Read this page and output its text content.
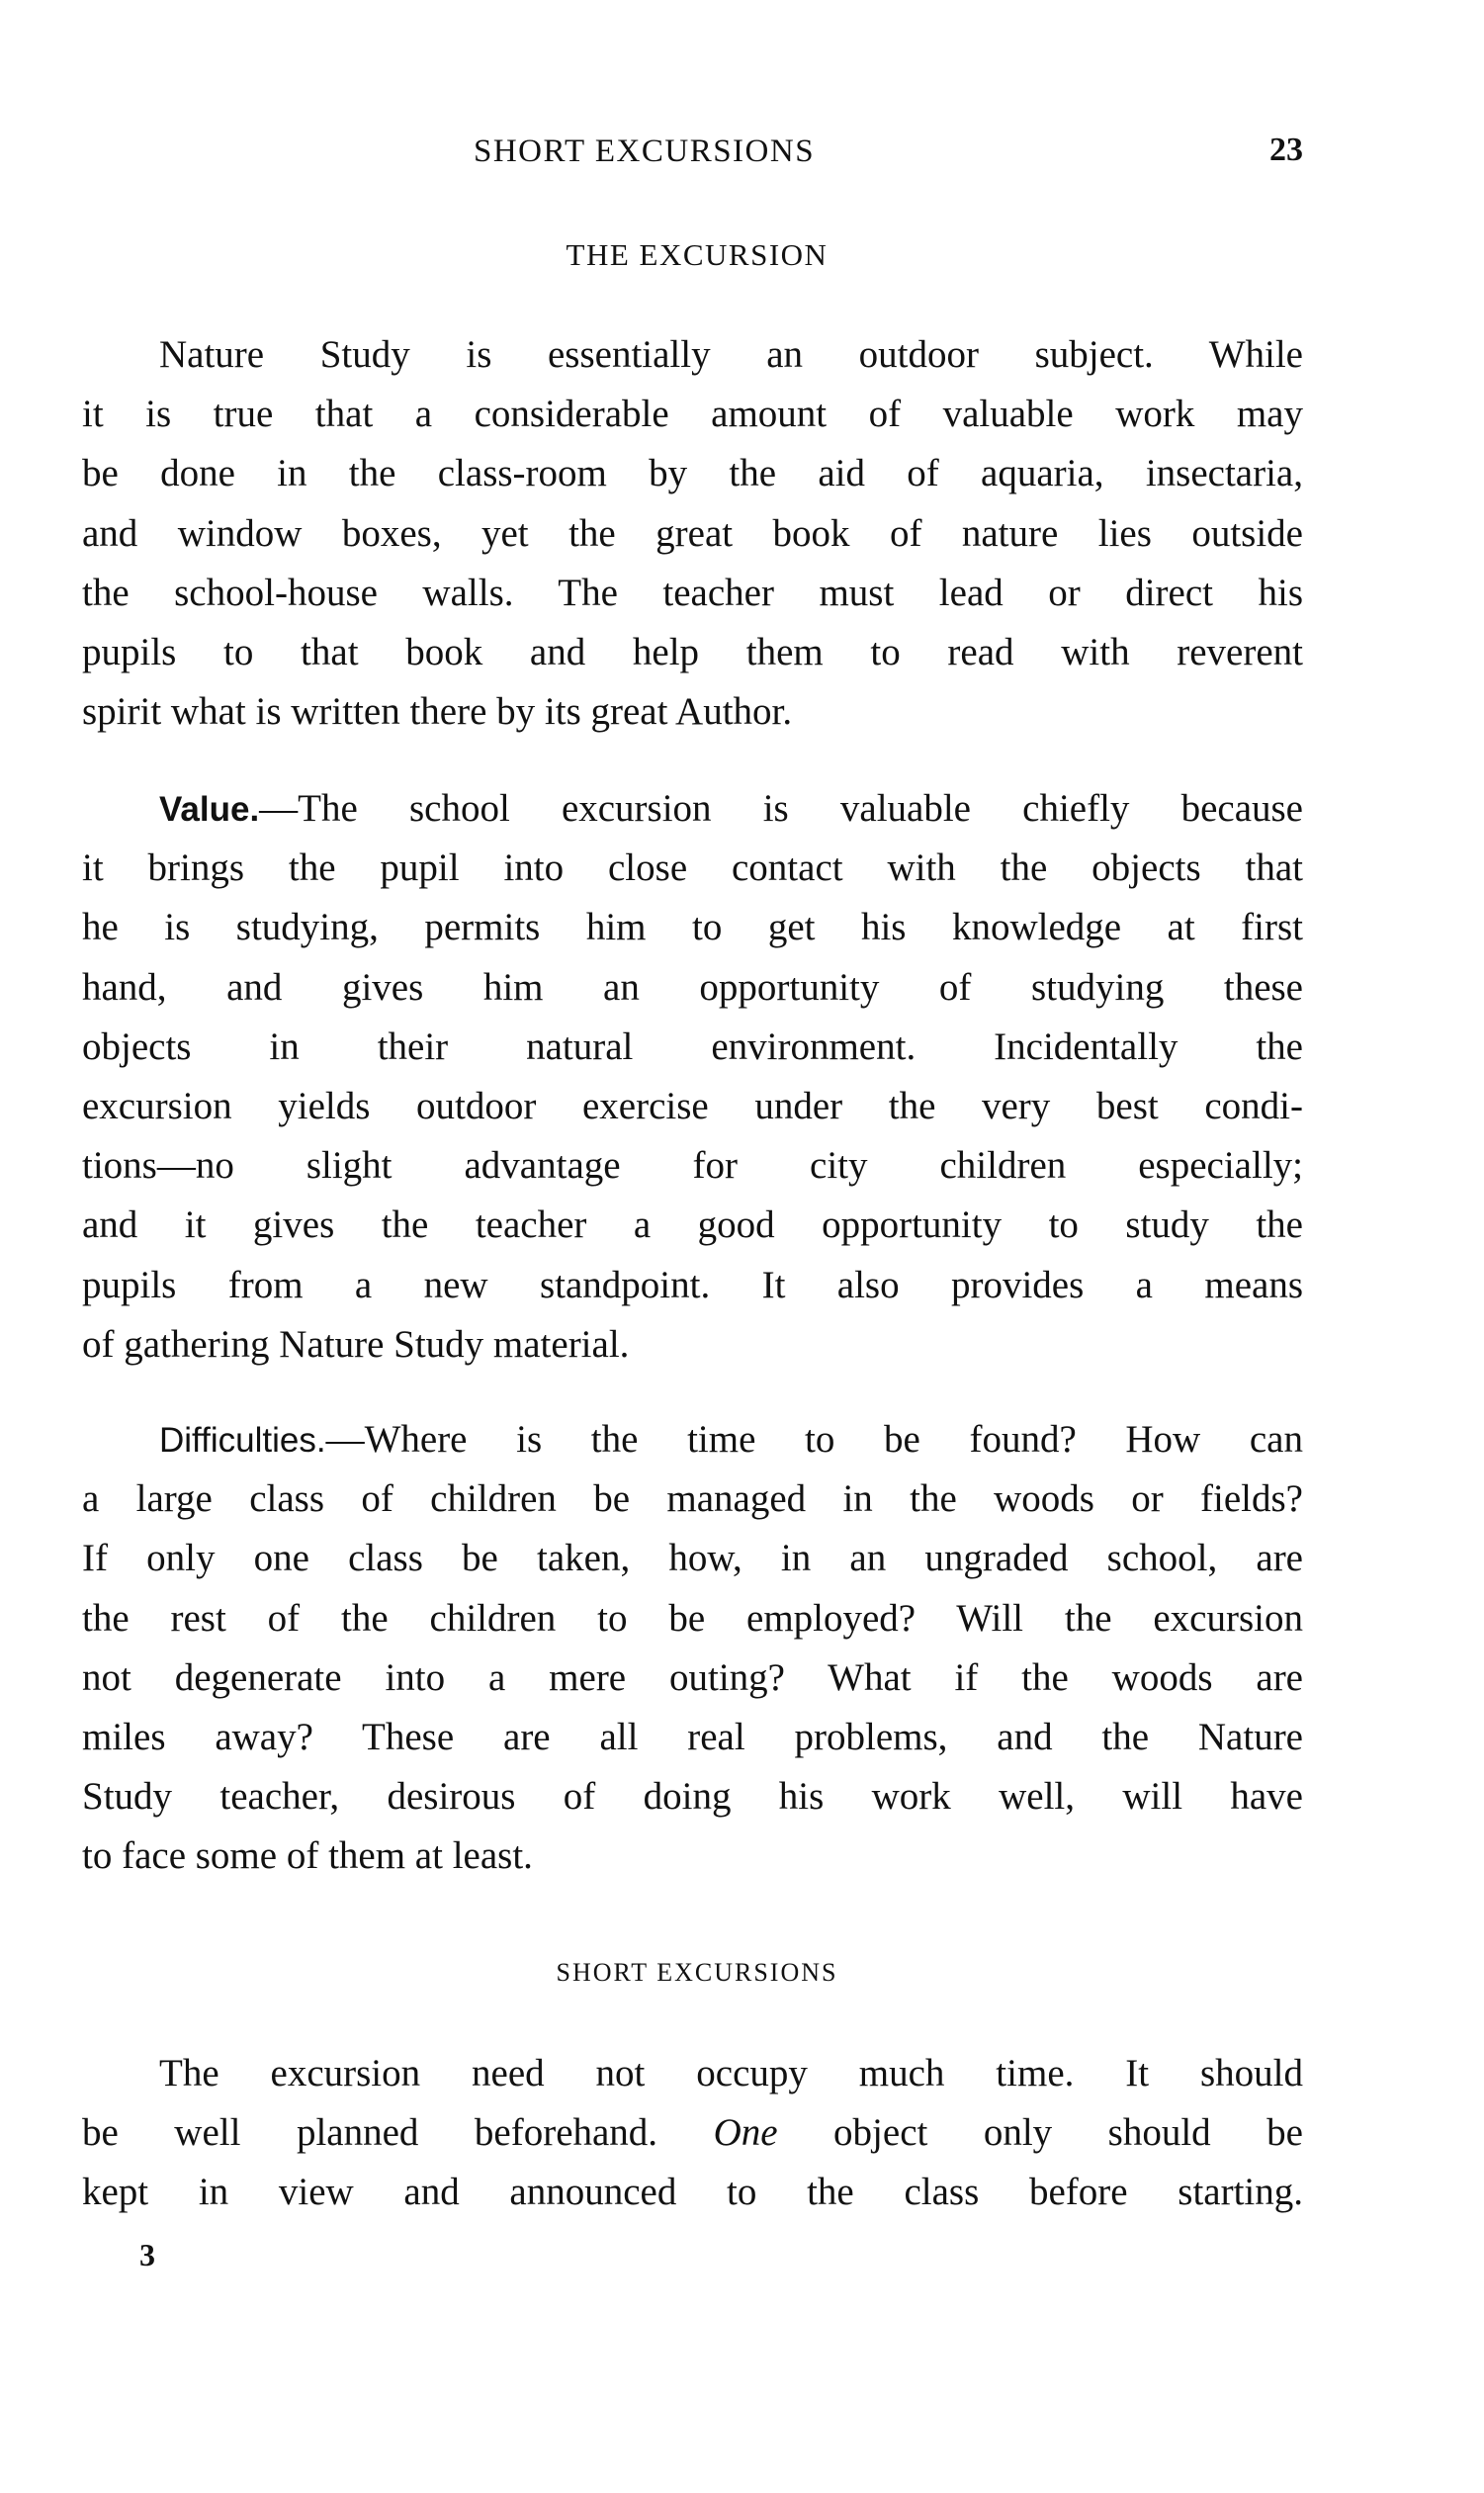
SHORT EXCURSIONS	23
THE EXCURSION
Nature Study is essentially an outdoor subject. While
it is true that a considerable amount of valuable work may
be done in the class-room by the aid of aquaria, insectaria,
and window boxes, yet the great book of nature lies outside
the school-house walls. The teacher must lead or direct his
pupils to that book and help them to read with reverent
spirit what is written there by its great Author.
Value.—The school excursion is valuable chiefly because
it brings the pupil into close contact with the objects that
he is studying, permits him to get his knowledge at first
hand, and gives him an opportunity of studying these
objects in their natural environment. Incidentally the
excursion yields outdoor exercise under the very best condi-
tions—no slight advantage for city children especially;
and it gives the teacher a good opportunity to study the
pupils from a new standpoint. It also provides a means
of gathering Nature Study material.
Difficulties.—Where is the time to be found? How can
a large class of children be managed in the woods or fields?
If only one class be taken, how, in an ungraded school, are
the rest of the children to be employed? Will the excursion
not degenerate into a mere outing? What if the woods are
miles away? These are all real problems, and the Nature
Study teacher, desirous of doing his work well, will have
to face some of them at least.
SHORT EXCURSIONS
The excursion need not occupy much time. It should
be well planned beforehand. One object only should be
kept in view and announced to the class before starting.
3
